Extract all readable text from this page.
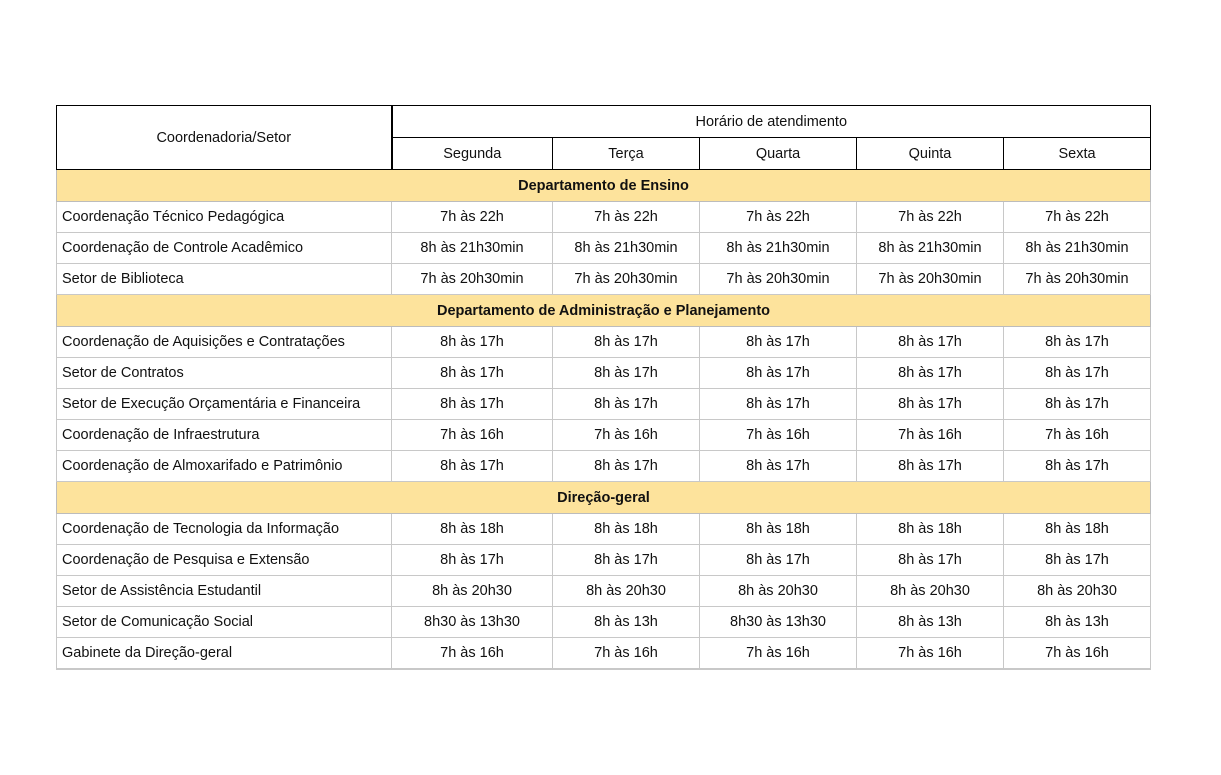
Coordenadoria/Setor	Horário de atendimento				
	Segunda	Terça	Quarta	Quinta	Sexta
Departamento de Ensino					
Coordenação Técnico Pedagógica	7h às 22h	7h às 22h	7h às 22h	7h às 22h	7h às 22h
Coordenação de Controle Acadêmico	8h às 21h30min	8h às 21h30min	8h às 21h30min	8h às 21h30min	8h às 21h30min
Setor de Biblioteca	7h às 20h30min	7h às 20h30min	7h às 20h30min	7h às 20h30min	7h às 20h30min
Departamento de Administração e Planejamento					
Coordenação de Aquisições e Contratações	8h às 17h	8h às 17h	8h às 17h	8h às 17h	8h às 17h
Setor de Contratos	8h às 17h	8h às 17h	8h às 17h	8h às 17h	8h às 17h
Setor de Execução Orçamentária e Financeira	8h às 17h	8h às 17h	8h às 17h	8h às 17h	8h às 17h
Coordenação de Infraestrutura	7h às 16h	7h às 16h	7h às 16h	7h às 16h	7h às 16h
Coordenação de Almoxarifado e Patrimônio	8h às 17h	8h às 17h	8h às 17h	8h às 17h	8h às 17h
Direção-geral					
Coordenação de Tecnologia da Informação	8h às 18h	8h às 18h	8h às 18h	8h às 18h	8h às 18h
Coordenação de Pesquisa e Extensão	8h às 17h	8h às 17h	8h às 17h	8h às 17h	8h às 17h
Setor de Assistência Estudantil	8h às 20h30	8h às 20h30	8h às 20h30	8h às 20h30	8h às 20h30
Setor de Comunicação Social	8h30 às 13h30	8h às 13h	8h30 às 13h30	8h às 13h	8h às 13h
Gabinete da Direção-geral	7h às 16h	7h às 16h	7h às 16h	7h às 16h	7h às 16h
